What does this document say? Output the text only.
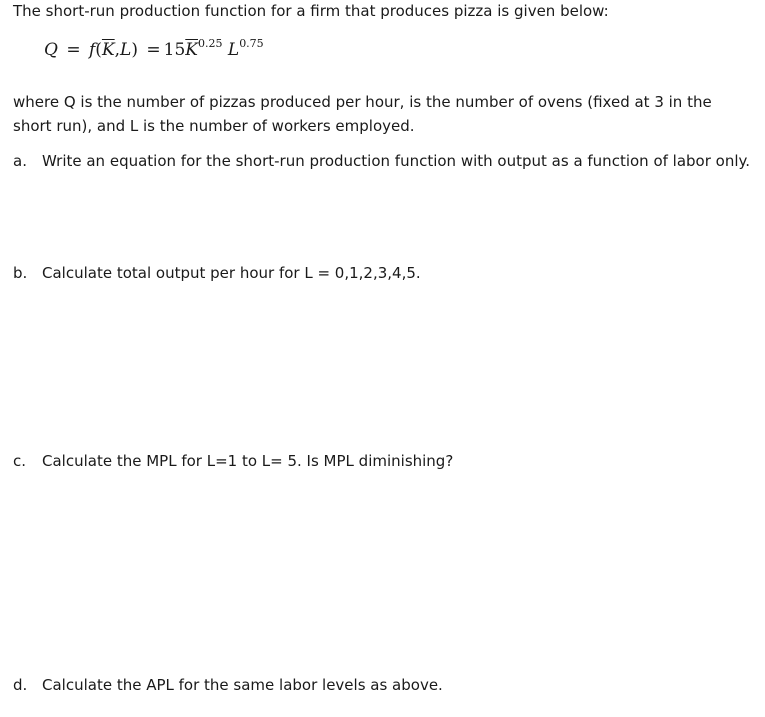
The short-run production function for a firm that produces pizza is given below:
$Q = f(\overline{K},L) = 15\overline{K}^{0.25}$ $L^{0.75}$
where Q is the number of pizzas produced per hour, is the number of ovens (fixed at 3 in the short run), and L is the number of workers employed.
a. Write an equation for the short-run production function with output as a function of labor only.
b. Calculate total output per hour for L = 0,1,2,3,4,5.
c. Calculate the MPL for L=1 to L= 5. Is MPL diminishing?
d. Calculate the APL for the same labor levels as above.
